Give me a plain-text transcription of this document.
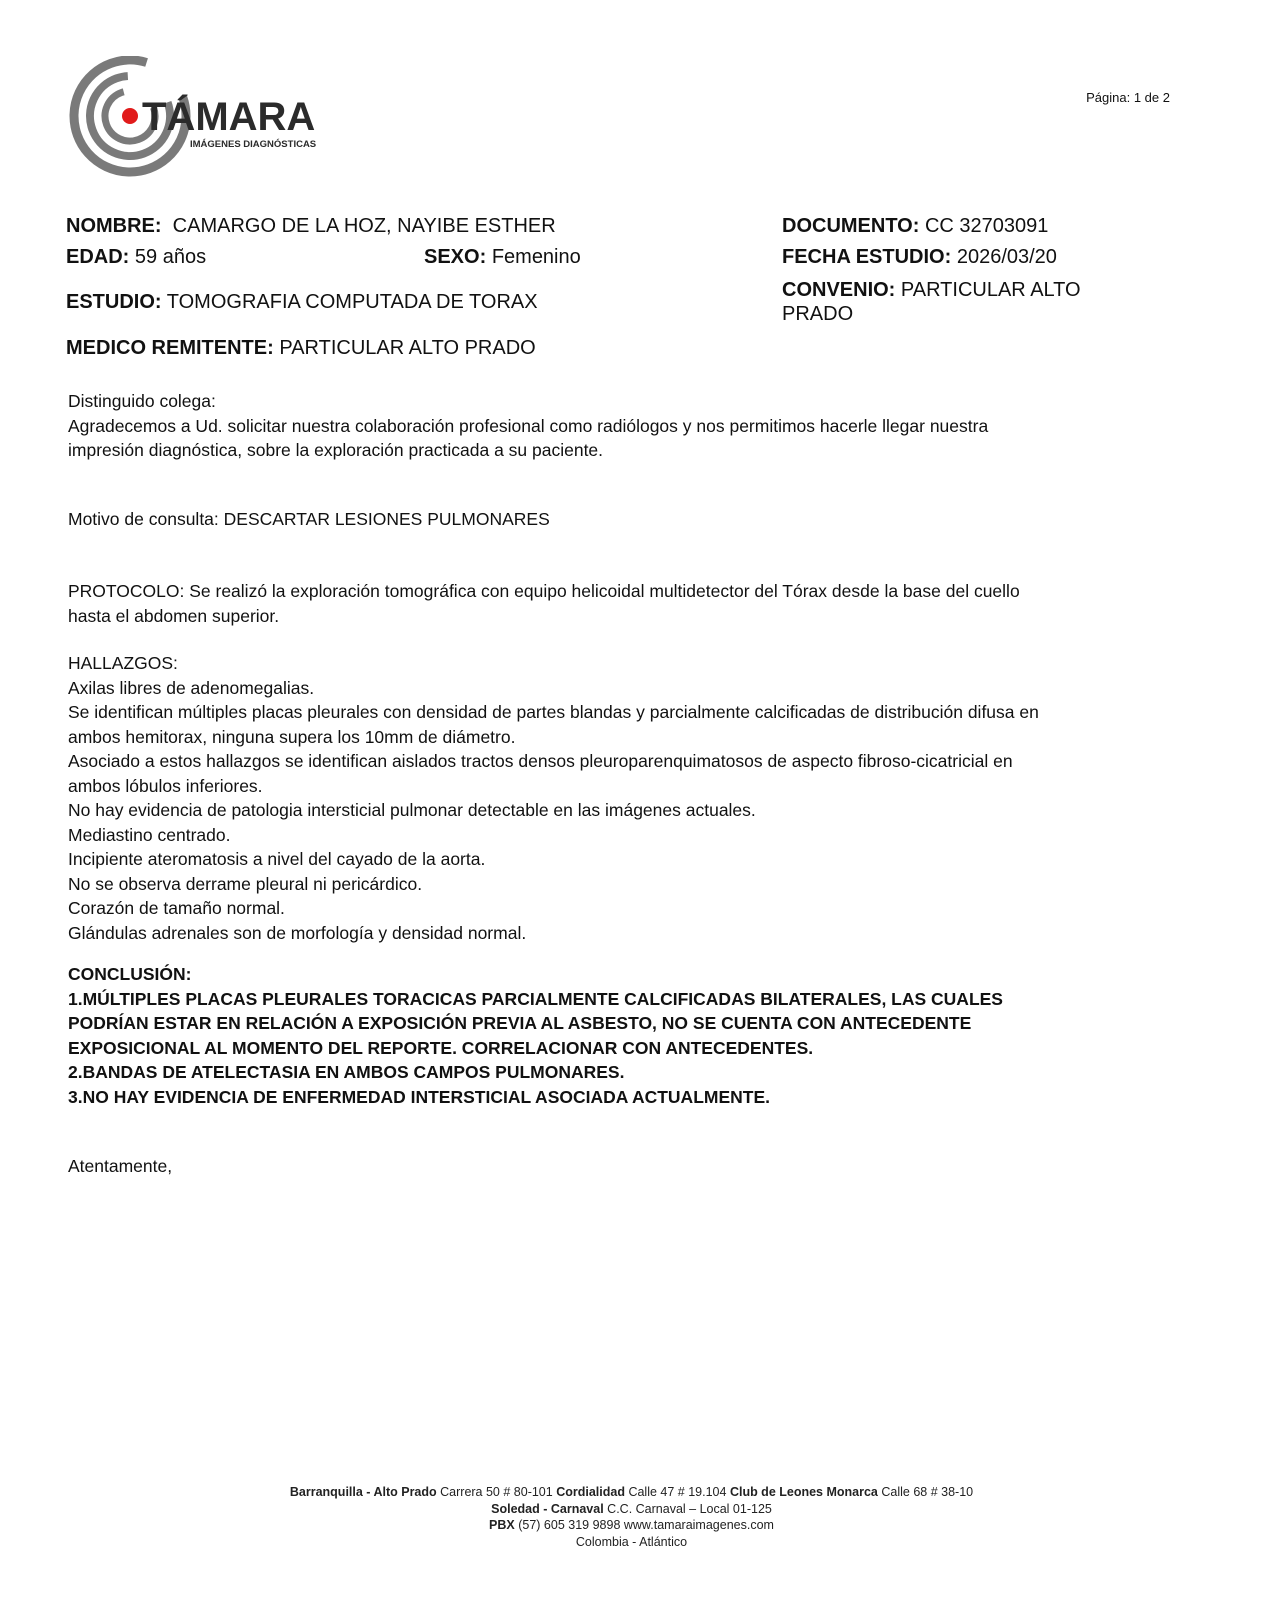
TÁMARA
IMÁGENES DIAGNÓSTICAS
Página: 1 de 2
NOMBRE: CAMARGO DE LA HOZ, NAYIBE ESTHER
EDAD: 59 años	SEXO: Femenino
ESTUDIO: TOMOGRAFIA COMPUTADA DE TORAX
MEDICO REMITENTE: PARTICULAR ALTO PRADO
DOCUMENTO: CC 32703091
FECHA ESTUDIO: 2026/03/20
CONVENIO: PARTICULAR ALTO PRADO

Distinguido colega:

Agradecemos a Ud. solicitar nuestra colaboración profesional como radiólogos y nos permitimos hacerle llegar nuestra

impresión diagnóstica, sobre la exploración practicada a su paciente.

Motivo de consulta: DESCARTAR LESIONES PULMONARES

PROTOCOLO: Se realizó la exploración tomográfica con equipo helicoidal multidetector del Tórax desde la base del cuello

hasta el abdomen superior.

HALLAZGOS:

Axilas libres de adenomegalias.

Se identifican múltiples placas pleurales con densidad de partes blandas y parcialmente calcificadas de distribución difusa en

ambos hemitorax, ninguna supera los 10mm de diámetro.

Asociado a estos hallazgos se identifican aislados tractos densos pleuroparenquimatosos de aspecto fibroso-cicatricial en

ambos lóbulos inferiores.

No hay evidencia de patologia intersticial pulmonar detectable en las imágenes actuales.

Mediastino centrado.

Incipiente ateromatosis a nivel del cayado de la aorta.

No se observa derrame pleural ni pericárdico.

Corazón de tamaño normal.

Glándulas adrenales son de morfología y densidad normal.

CONCLUSIÓN:

1.MÚLTIPLES PLACAS PLEURALES TORACICAS PARCIALMENTE CALCIFICADAS BILATERALES, LAS CUALES

PODRÍAN ESTAR EN RELACIÓN A EXPOSICIÓN PREVIA AL ASBESTO, NO SE CUENTA CON ANTECEDENTE

EXPOSICIONAL AL MOMENTO DEL REPORTE. CORRELACIONAR CON ANTECEDENTES.

2.BANDAS DE ATELECTASIA EN AMBOS CAMPOS PULMONARES.

3.NO HAY EVIDENCIA DE ENFERMEDAD INTERSTICIAL ASOCIADA ACTUALMENTE.

Atentamente,

Barranquilla - Alto Prado Carrera 50 # 80-101 Cordialidad Calle 47 # 19.104 Club de Leones Monarca Calle 68 # 38-10
Soledad - Carnaval C.C. Carnaval – Local 01-125
PBX (57) 605 319 9898 www.tamaraimagenes.com
Colombia - Atlántico
